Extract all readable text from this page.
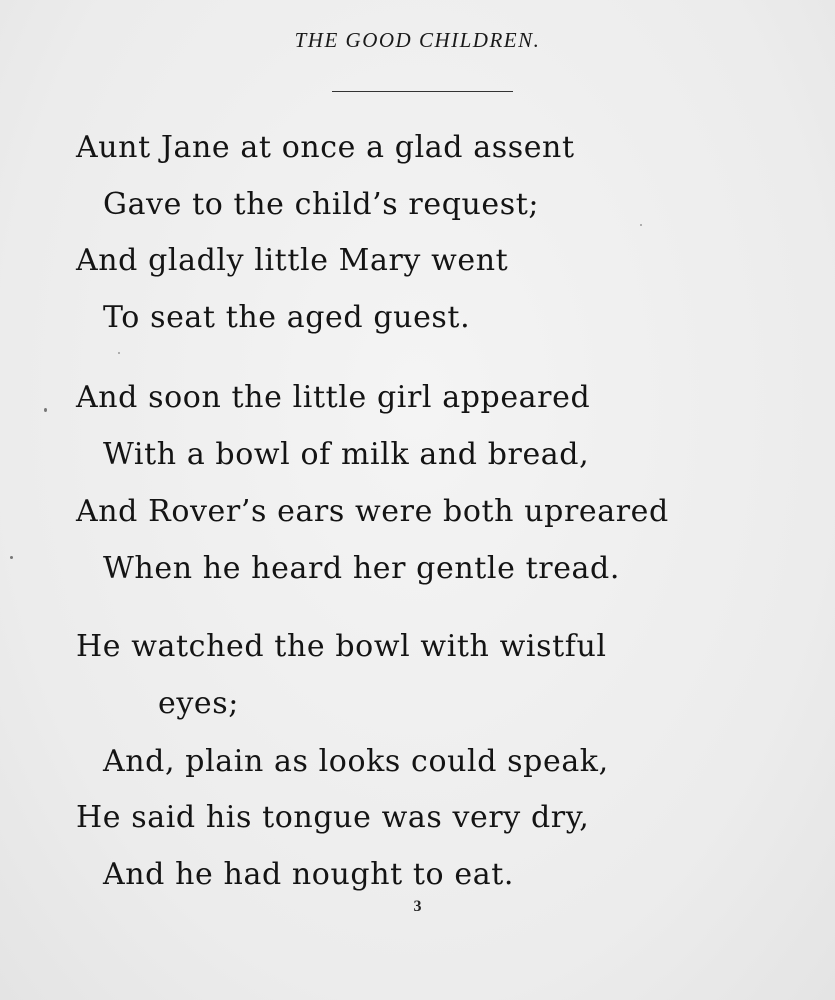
THE GOOD CHILDREN.
Aunt Jane at once a glad assent
Gave to the child’s request;
And gladly little Mary went
To seat the aged guest.
And soon the little girl appeared
With a bowl of milk and bread,
And Rover’s ears were both upreared
When he heard her gentle tread.
He watched the bowl with wistful
eyes;
And, plain as looks could speak,
He said his tongue was very dry,
And he had nought to eat.
3
